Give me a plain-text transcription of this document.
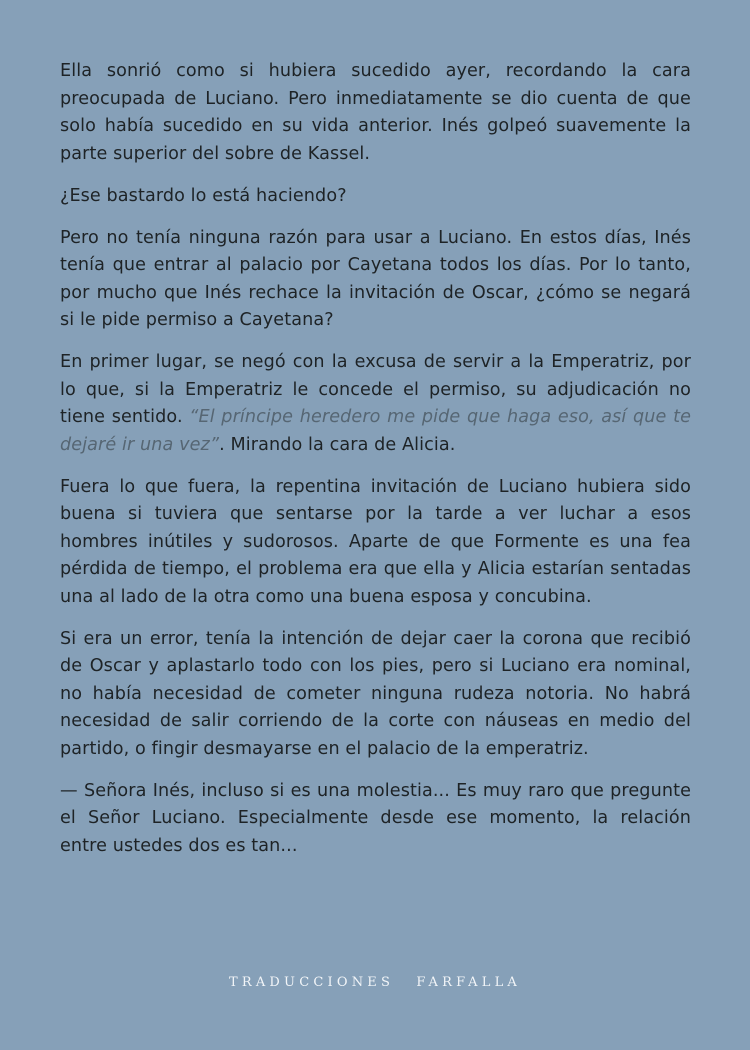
Ella sonrió como si hubiera sucedido ayer, recordando la cara preocupada de Luciano. Pero inmediatamente se dio cuenta de que solo había sucedido en su vida anterior. Inés golpeó suavemente la parte superior del sobre de Kassel.

¿Ese bastardo lo está haciendo?

Pero no tenía ninguna razón para usar a Luciano. En estos días, Inés tenía que entrar al palacio por Cayetana todos los días. Por lo tanto, por mucho que Inés rechace la invitación de Oscar, ¿cómo se negará si le pide permiso a Cayetana?

En primer lugar, se negó con la excusa de servir a la Emperatriz, por lo que, si la Emperatriz le concede el permiso, su adjudicación no tiene sentido. “El príncipe heredero me pide que haga eso, así que te dejaré ir una vez”. Mirando la cara de Alicia.

Fuera lo que fuera, la repentina invitación de Luciano hubiera sido buena si tuviera que sentarse por la tarde a ver luchar a esos hombres inútiles y sudorosos. Aparte de que Formente es una fea pérdida de tiempo, el problema era que ella y Alicia estarían sentadas una al lado de la otra como una buena esposa y concubina.

Si era un error, tenía la intención de dejar caer la corona que recibió de Oscar y aplastarlo todo con los pies, pero si Luciano era nominal, no había necesidad de cometer ninguna rudeza notoria. No habrá necesidad de salir corriendo de la corte con náuseas en medio del partido, o fingir desmayarse en el palacio de la emperatriz.

— Señora Inés, incluso si es una molestia... Es muy raro que pregunte el Señor Luciano. Especialmente desde ese momento, la relación entre ustedes dos es tan...

TRADUCCIONES FARFALLA
